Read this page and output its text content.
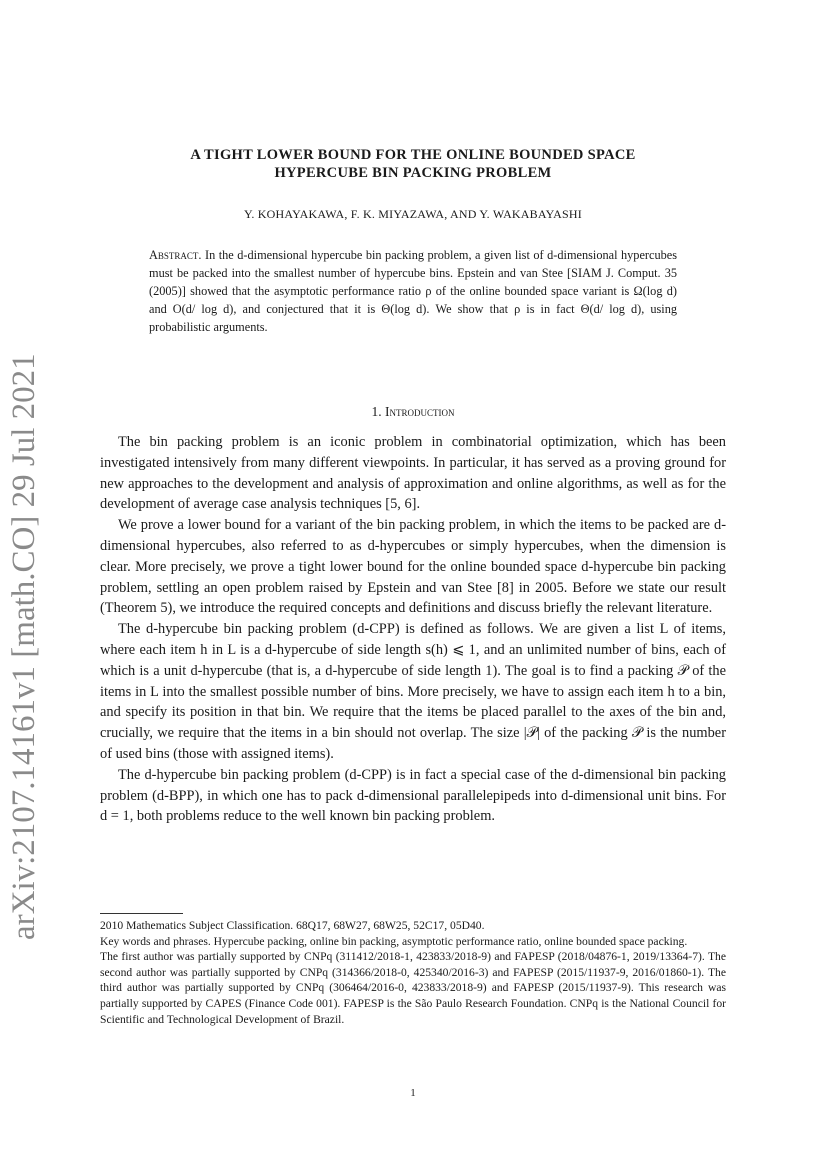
arXiv:2107.14161v1 [math.CO] 29 Jul 2021
A TIGHT LOWER BOUND FOR THE ONLINE BOUNDED SPACE
HYPERCUBE BIN PACKING PROBLEM
Y. KOHAYAKAWA, F. K. MIYAZAWA, AND Y. WAKABAYASHI
Abstract. In the d-dimensional hypercube bin packing problem, a given list of d-dimensional hypercubes must be packed into the smallest number of hypercube bins. Epstein and van Stee [SIAM J. Comput. 35 (2005)] showed that the asymptotic performance ratio ρ of the online bounded space variant is Ω(log d) and O(d/ log d), and conjectured that it is Θ(log d). We show that ρ is in fact Θ(d/ log d), using probabilistic arguments.
1. Introduction

The bin packing problem is an iconic problem in combinatorial optimization, which has been investigated intensively from many different viewpoints. In particular, it has served as a proving ground for new approaches to the development and analysis of approximation and online algorithms, as well as for the development of average case analysis techniques [5, 6].

We prove a lower bound for a variant of the bin packing problem, in which the items to be packed are d-dimensional hypercubes, also referred to as d-hypercubes or simply hypercubes, when the dimension is clear. More precisely, we prove a tight lower bound for the online bounded space d-hypercube bin packing problem, settling an open problem raised by Epstein and van Stee [8] in 2005. Before we state our result (Theorem 5), we introduce the required concepts and definitions and discuss briefly the relevant literature.

The d-hypercube bin packing problem (d-CPP) is defined as follows. We are given a list L of items, where each item h in L is a d-hypercube of side length s(h) ⩽ 1, and an unlimited number of bins, each of which is a unit d-hypercube (that is, a d-hypercube of side length 1). The goal is to find a packing 𝒫 of the items in L into the smallest possible number of bins. More precisely, we have to assign each item h to a bin, and specify its position in that bin. We require that the items be placed parallel to the axes of the bin and, crucially, we require that the items in a bin should not overlap. The size |𝒫| of the packing 𝒫 is the number of used bins (those with assigned items).

The d-hypercube bin packing problem (d-CPP) is in fact a special case of the d-dimensional bin packing problem (d-BPP), in which one has to pack d-dimensional parallelepipeds into d-dimensional unit bins. For d = 1, both problems reduce to the well known bin packing problem.

2010 Mathematics Subject Classification. 68Q17, 68W27, 68W25, 52C17, 05D40.

Key words and phrases. Hypercube packing, online bin packing, asymptotic performance ratio, online bounded space packing.

The first author was partially supported by CNPq (311412/2018-1, 423833/2018-9) and FAPESP (2018/04876-1, 2019/13364-7). The second author was partially supported by CNPq (314366/2018-0, 425340/2016-3) and FAPESP (2015/11937-9, 2016/01860-1). The third author was partially supported by CNPq (306464/2016-0, 423833/2018-9) and FAPESP (2015/11937-9). This research was partially supported by CAPES (Finance Code 001). FAPESP is the São Paulo Research Foundation. CNPq is the National Council for Scientific and Technological Development of Brazil.

1
